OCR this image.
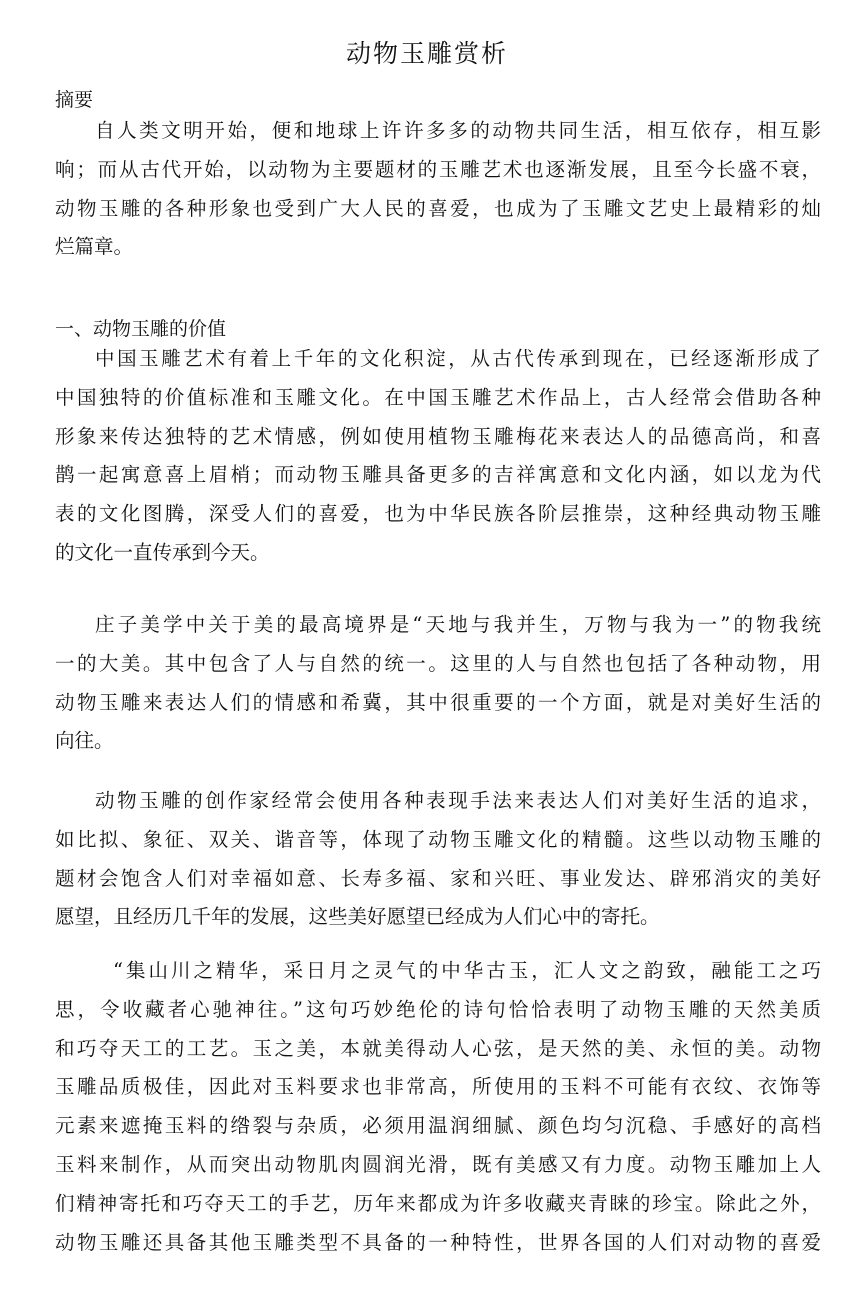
动物玉雕赏析
摘要
自人类文明开始，便和地球上许许多多的动物共同生活，相互依存，相互影
响；而从古代开始，以动物为主要题材的玉雕艺术也逐渐发展，且至今长盛不衰，
动物玉雕的各种形象也受到广大人民的喜爱，也成为了玉雕文艺史上最精彩的灿
烂篇章。
一、动物玉雕的价值
中国玉雕艺术有着上千年的文化积淀，从古代传承到现在，已经逐渐形成了
中国独特的价值标准和玉雕文化。在中国玉雕艺术作品上，古人经常会借助各种
形象来传达独特的艺术情感，例如使用植物玉雕梅花来表达人的品德高尚，和喜
鹊一起寓意喜上眉梢；而动物玉雕具备更多的吉祥寓意和文化内涵，如以龙为代
表的文化图腾，深受人们的喜爱，也为中华民族各阶层推崇，这种经典动物玉雕
的文化一直传承到今天。
庄子美学中关于美的最高境界是“天地与我并生，万物与我为一”的物我统
一的大美。其中包含了人与自然的统一。这里的人与自然也包括了各种动物，用
动物玉雕来表达人们的情感和希冀，其中很重要的一个方面，就是对美好生活的
向往。
动物玉雕的创作家经常会使用各种表现手法来表达人们对美好生活的追求，
如比拟、象征、双关、谐音等，体现了动物玉雕文化的精髓。这些以动物玉雕的
题材会饱含人们对幸福如意、长寿多福、家和兴旺、事业发达、辟邪消灾的美好
愿望，且经历几千年的发展，这些美好愿望已经成为人们心中的寄托。
“集山川之精华，采日月之灵气的中华古玉，汇人文之韵致，融能工之巧
思，令收藏者心驰神往。”这句巧妙绝伦的诗句恰恰表明了动物玉雕的天然美质
和巧夺天工的工艺。玉之美，本就美得动人心弦，是天然的美、永恒的美。动物
玉雕品质极佳，因此对玉料要求也非常高，所使用的玉料不可能有衣纹、衣饰等
元素来遮掩玉料的绺裂与杂质，必须用温润细腻、颜色均匀沉稳、手感好的高档
玉料来制作，从而突出动物肌肉圆润光滑，既有美感又有力度。动物玉雕加上人
们精神寄托和巧夺天工的手艺，历年来都成为许多收藏夹青睐的珍宝。除此之外，
动物玉雕还具备其他玉雕类型不具备的一种特性，世界各国的人们对动物的喜爱
